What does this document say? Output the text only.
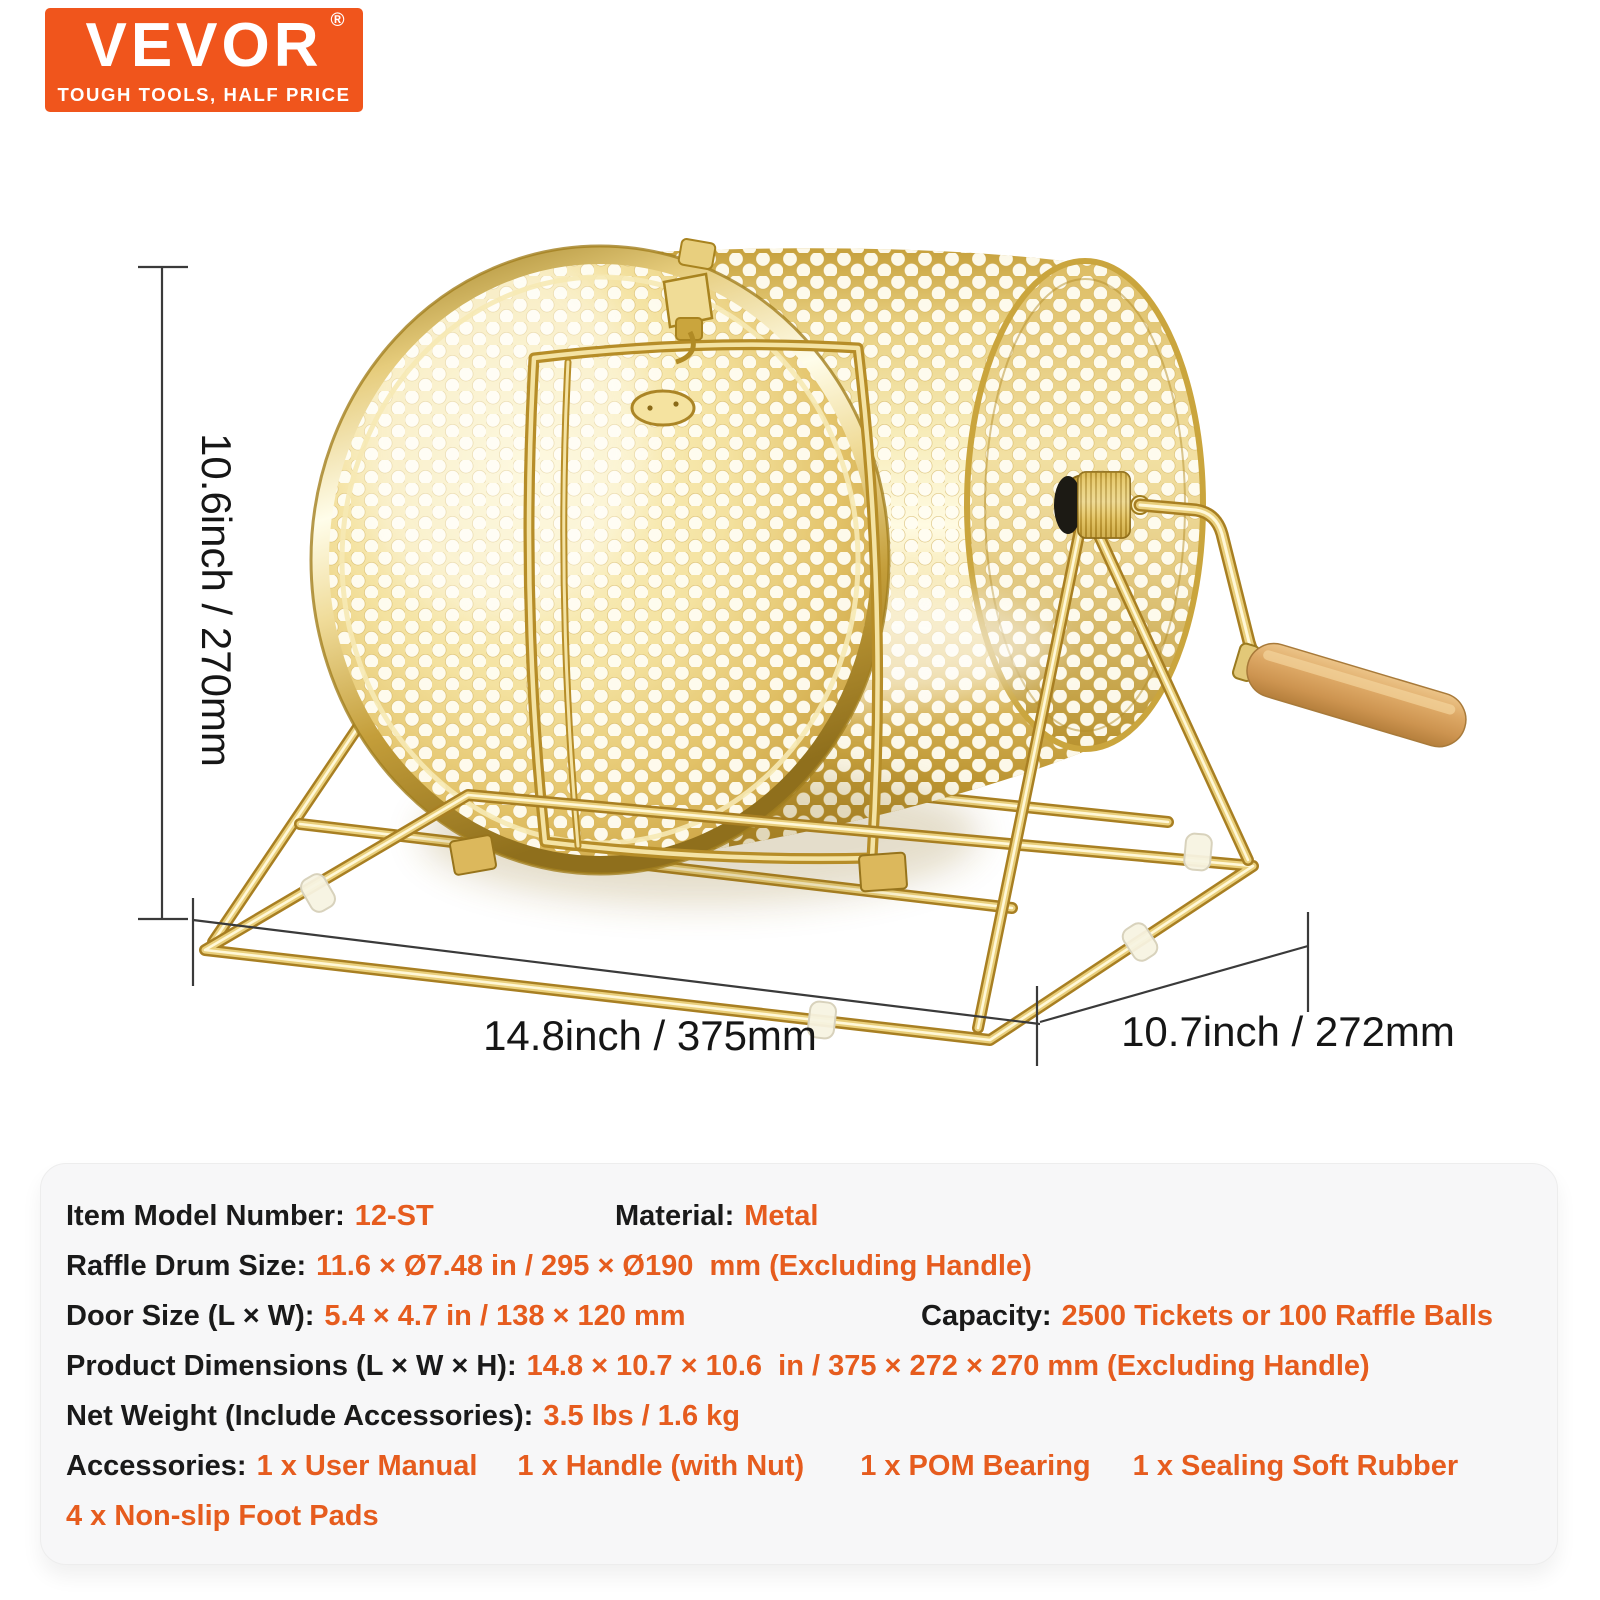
VEVOR ®
TOUGH TOOLS, HALF PRICE
10.6inch / 270mm
14.8inch / 375mm	10.7inch / 272mm
Item Model Number: 12-ST	Material: Metal
Raffle Drum Size: 11.6 × Ø7.48 in / 295 × Ø190  mm (Excluding Handle)
Door Size (L × W): 5.4 × 4.7 in / 138 × 120 mm	Capacity: 2500 Tickets or 100 Raffle Balls
Product Dimensions (L × W × H): 14.8 × 10.7 × 10.6  in / 375 × 272 × 270 mm (Excluding Handle)
Net Weight (Include Accessories): 3.5 lbs / 1.6 kg
Accessories: 1 x User Manual 1 x Handle (with Nut) 1 x POM Bearing 1 x Sealing Soft Rubber
4 x Non-slip Foot Pads
